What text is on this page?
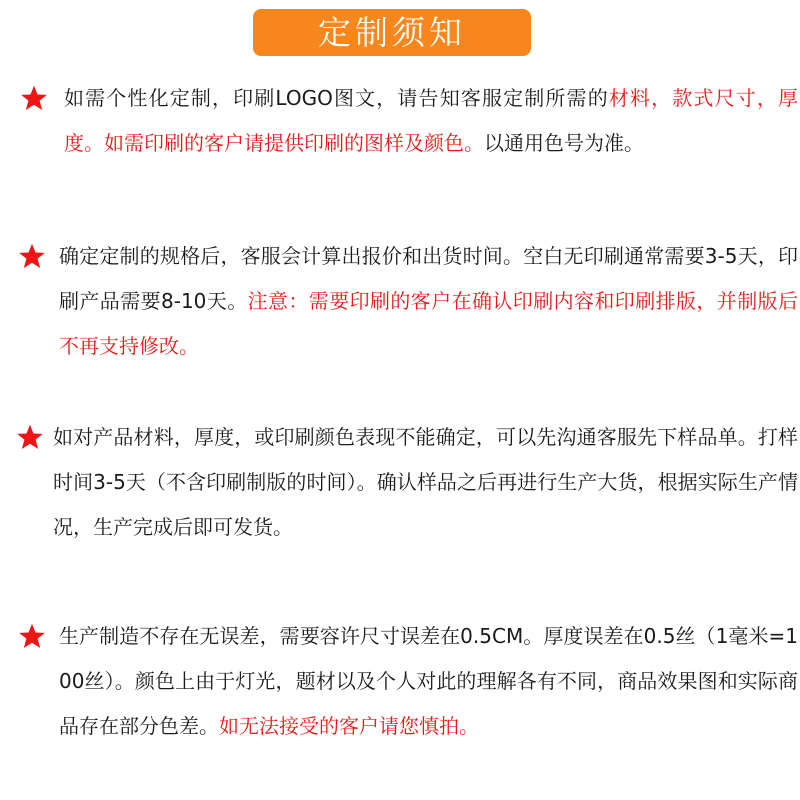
定制须知
如需个性化定制，印刷LOGO图文，请告知客服定制所需的材料，款式尺寸，厚度。如需印刷的客户请提供印刷的图样及颜色。以通用色号为准。
确定定制的规格后，客服会计算出报价和出货时间。空白无印刷通常需要3-5天，印刷产品需要8-10天。注意：需要印刷的客户在确认印刷内容和印刷排版，并制版后不再支持修改。
如对产品材料，厚度，或印刷颜色表现不能确定，可以先沟通客服先下样品单。打样时间3-5天（不含印刷制版的时间）。确认样品之后再进行生产大货，根据实际生产情况，生产完成后即可发货。
生产制造不存在无误差，需要容许尺寸误差在0.5CM。厚度误差在0.5丝（1毫米=100丝）。颜色上由于灯光，题材以及个人对此的理解各有不同，商品效果图和实际商品存在部分色差。如无法接受的客户请您慎拍。
